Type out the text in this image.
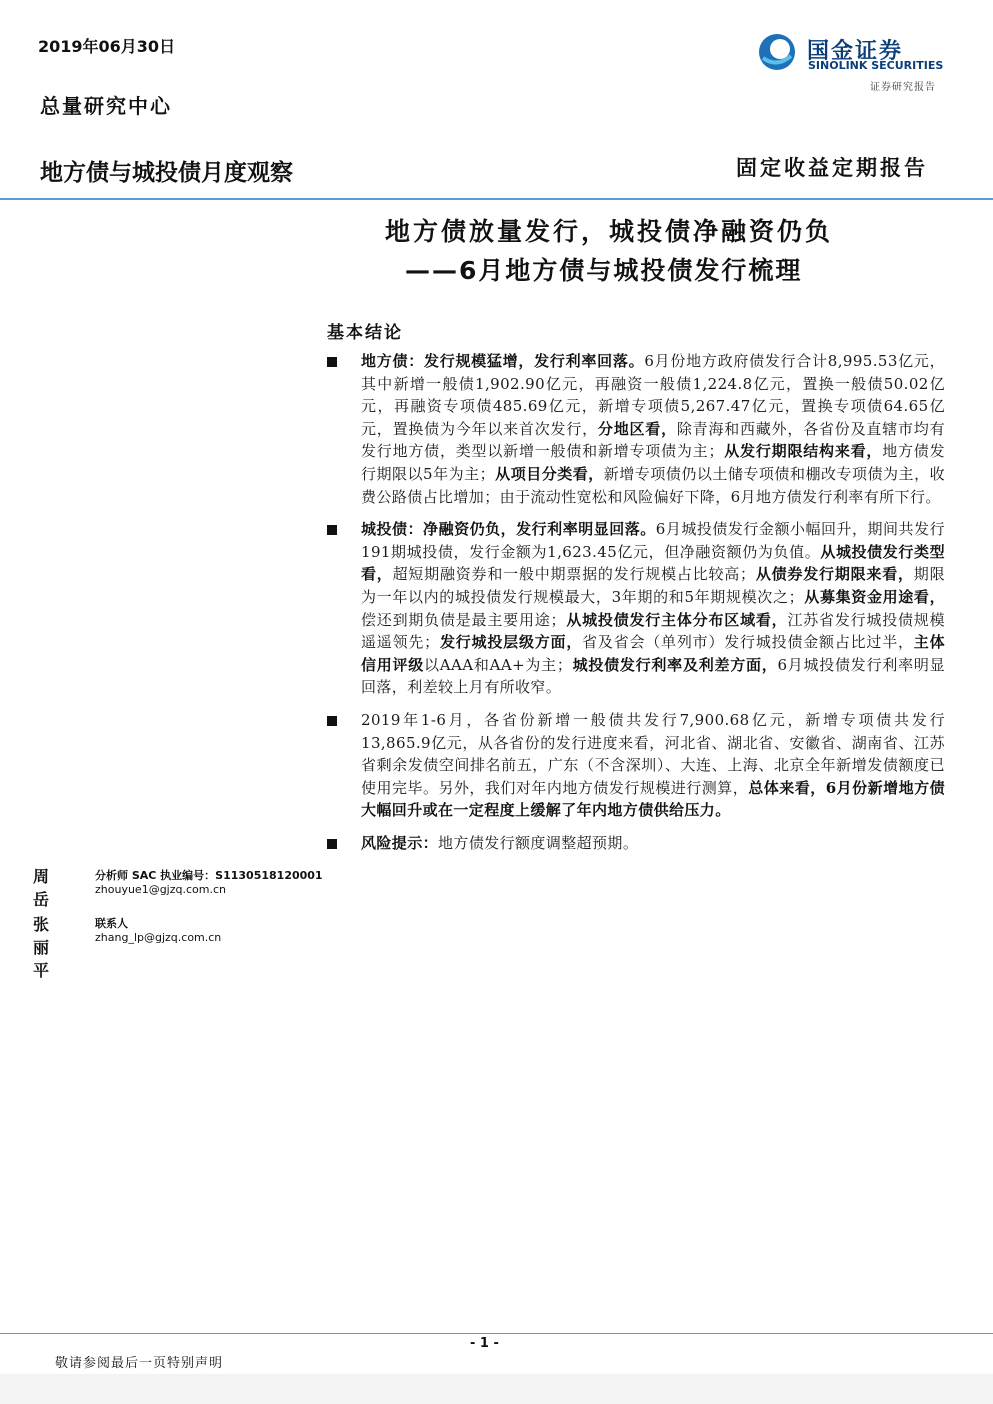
2019年06月30日
总量研究中心
国金证券
SINOLINK SECURITIES
证券研究报告
地方债与城投债月度观察	固定收益定期报告
地方债放量发行，城投债净融资仍负
——6月地方债与城投债发行梳理
基本结论
地方债：发行规模猛增，发行利率回落。6月份地方政府债发行合计8,995.53亿元，其中新增一般债1,902.90亿元，再融资一般债1,224.8亿元，置换一般债50.02亿元，再融资专项债485.69亿元，新增专项债5,267.47亿元，置换专项债64.65亿元，置换债为今年以来首次发行，分地区看，除青海和西藏外，各省份及直辖市均有发行地方债，类型以新增一般债和新增专项债为主；从发行期限结构来看，地方债发行期限以5年为主；从项目分类看，新增专项债仍以土储专项债和棚改专项债为主，收费公路债占比增加；由于流动性宽松和风险偏好下降，6月地方债发行利率有所下行。
城投债：净融资仍负，发行利率明显回落。6月城投债发行金额小幅回升，期间共发行191期城投债，发行金额为1,623.45亿元，但净融资额仍为负值。从城投债发行类型看，超短期融资券和一般中期票据的发行规模占比较高；从债券发行期限来看，期限为一年以内的城投债发行规模最大，3年期的和5年期规模次之；从募集资金用途看，偿还到期负债是最主要用途；从城投债发行主体分布区域看，江苏省发行城投债规模遥遥领先；发行城投层级方面，省及省会（单列市）发行城投债金额占比过半，主体信用评级以AAA和AA+为主；城投债发行利率及利差方面，6月城投债发行利率明显回落，利差较上月有所收窄。
2019年1-6月，各省份新增一般债共发行7,900.68亿元，新增专项债共发行13,865.9亿元，从各省份的发行进度来看，河北省、湖北省、安徽省、湖南省、江苏省剩余发债空间排名前五，广东（不含深圳）、大连、上海、北京全年新增发债额度已使用完毕。另外，我们对年内地方债发行规模进行测算，总体来看，6月份新增地方债大幅回升或在一定程度上缓解了年内地方债供给压力。
风险提示：地方债发行额度调整超预期。
周岳
分析师 SAC 执业编号：S1130518120001
zhouyue1@gjzq.com.cn
张丽平
联系人
zhang_lp@gjzq.com.cn
- 1 -
敬请参阅最后一页特别声明
